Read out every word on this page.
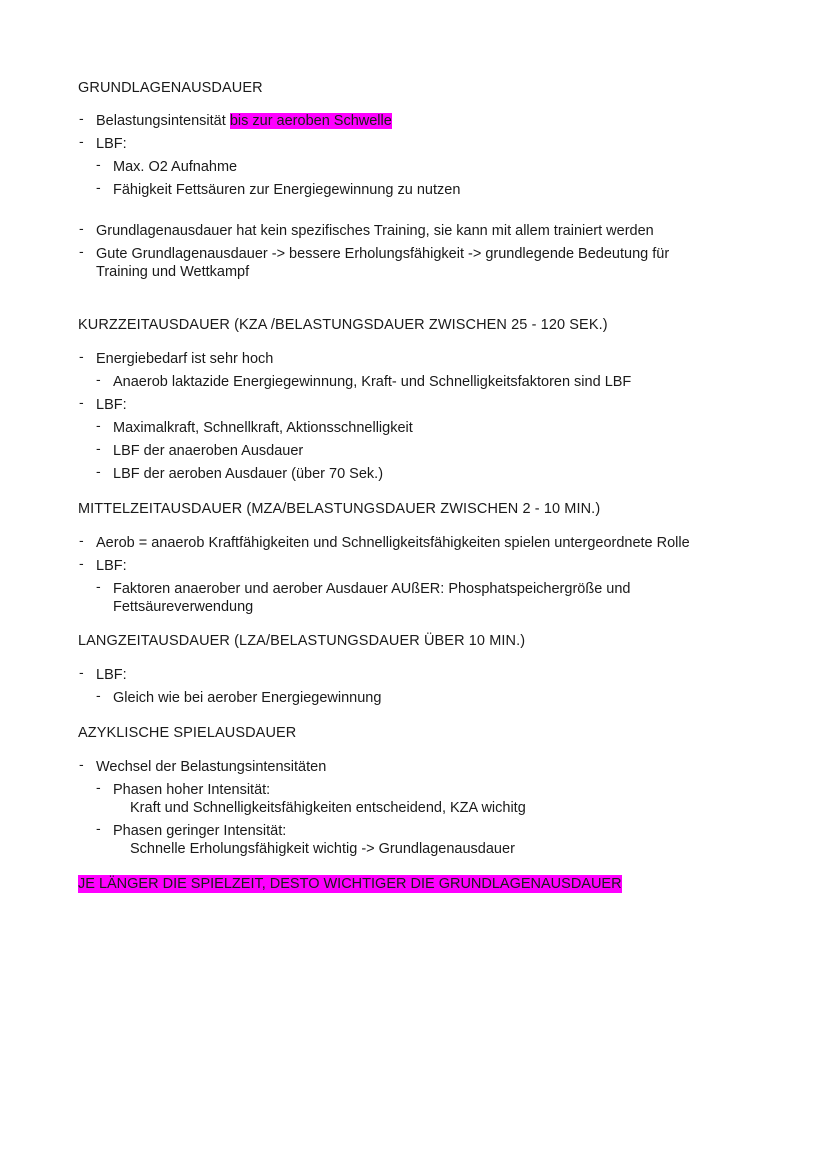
GRUNDLAGENAUSDAUER
- Belastungsintensität bis zur aeroben Schwelle
- LBF:
- Max. O2 Aufnahme
- Fähigkeit Fettsäuren zur Energiegewinnung zu nutzen
- Grundlagenausdauer hat kein spezifisches Training, sie kann mit allem trainiert werden
- Gute Grundlagenausdauer -> bessere Erholungsfähigkeit -> grundlegende Bedeutung für
Training und Wettkampf
KURZZEITAUSDAUER (KZA /BELASTUNGSDAUER ZWISCHEN 25 - 120 SEK.)
- Energiebedarf ist sehr hoch
- Anaerob laktazide Energiegewinnung, Kraft- und Schnelligkeitsfaktoren sind LBF
- LBF:
- Maximalkraft, Schnellkraft, Aktionsschnelligkeit
- LBF der anaeroben Ausdauer
- LBF der aeroben Ausdauer (über 70 Sek.)
MITTELZEITAUSDAUER (MZA/BELASTUNGSDAUER ZWISCHEN 2 - 10 MIN.)
- Aerob = anaerob Kraftfähigkeiten und Schnelligkeitsfähigkeiten spielen untergeordnete Rolle
- LBF:
- Faktoren anaerober und aerober Ausdauer AUßER: Phosphatspeichergröße und
Fettsäureverwendung
LANGZEITAUSDAUER (LZA/BELASTUNGSDAUER ÜBER 10 MIN.)
- LBF:
- Gleich wie bei aerober Energiegewinnung
AZYKLISCHE SPIELAUSDAUER
- Wechsel der Belastungsintensitäten
- Phasen hoher Intensität:
Kraft und Schnelligkeitsfähigkeiten entscheidend, KZA wichitg
- Phasen geringer Intensität:
Schnelle Erholungsfähigkeit wichtig -> Grundlagenausdauer
JE LÄNGER DIE SPIELZEIT, DESTO WICHTIGER DIE GRUNDLAGENAUSDAUER
